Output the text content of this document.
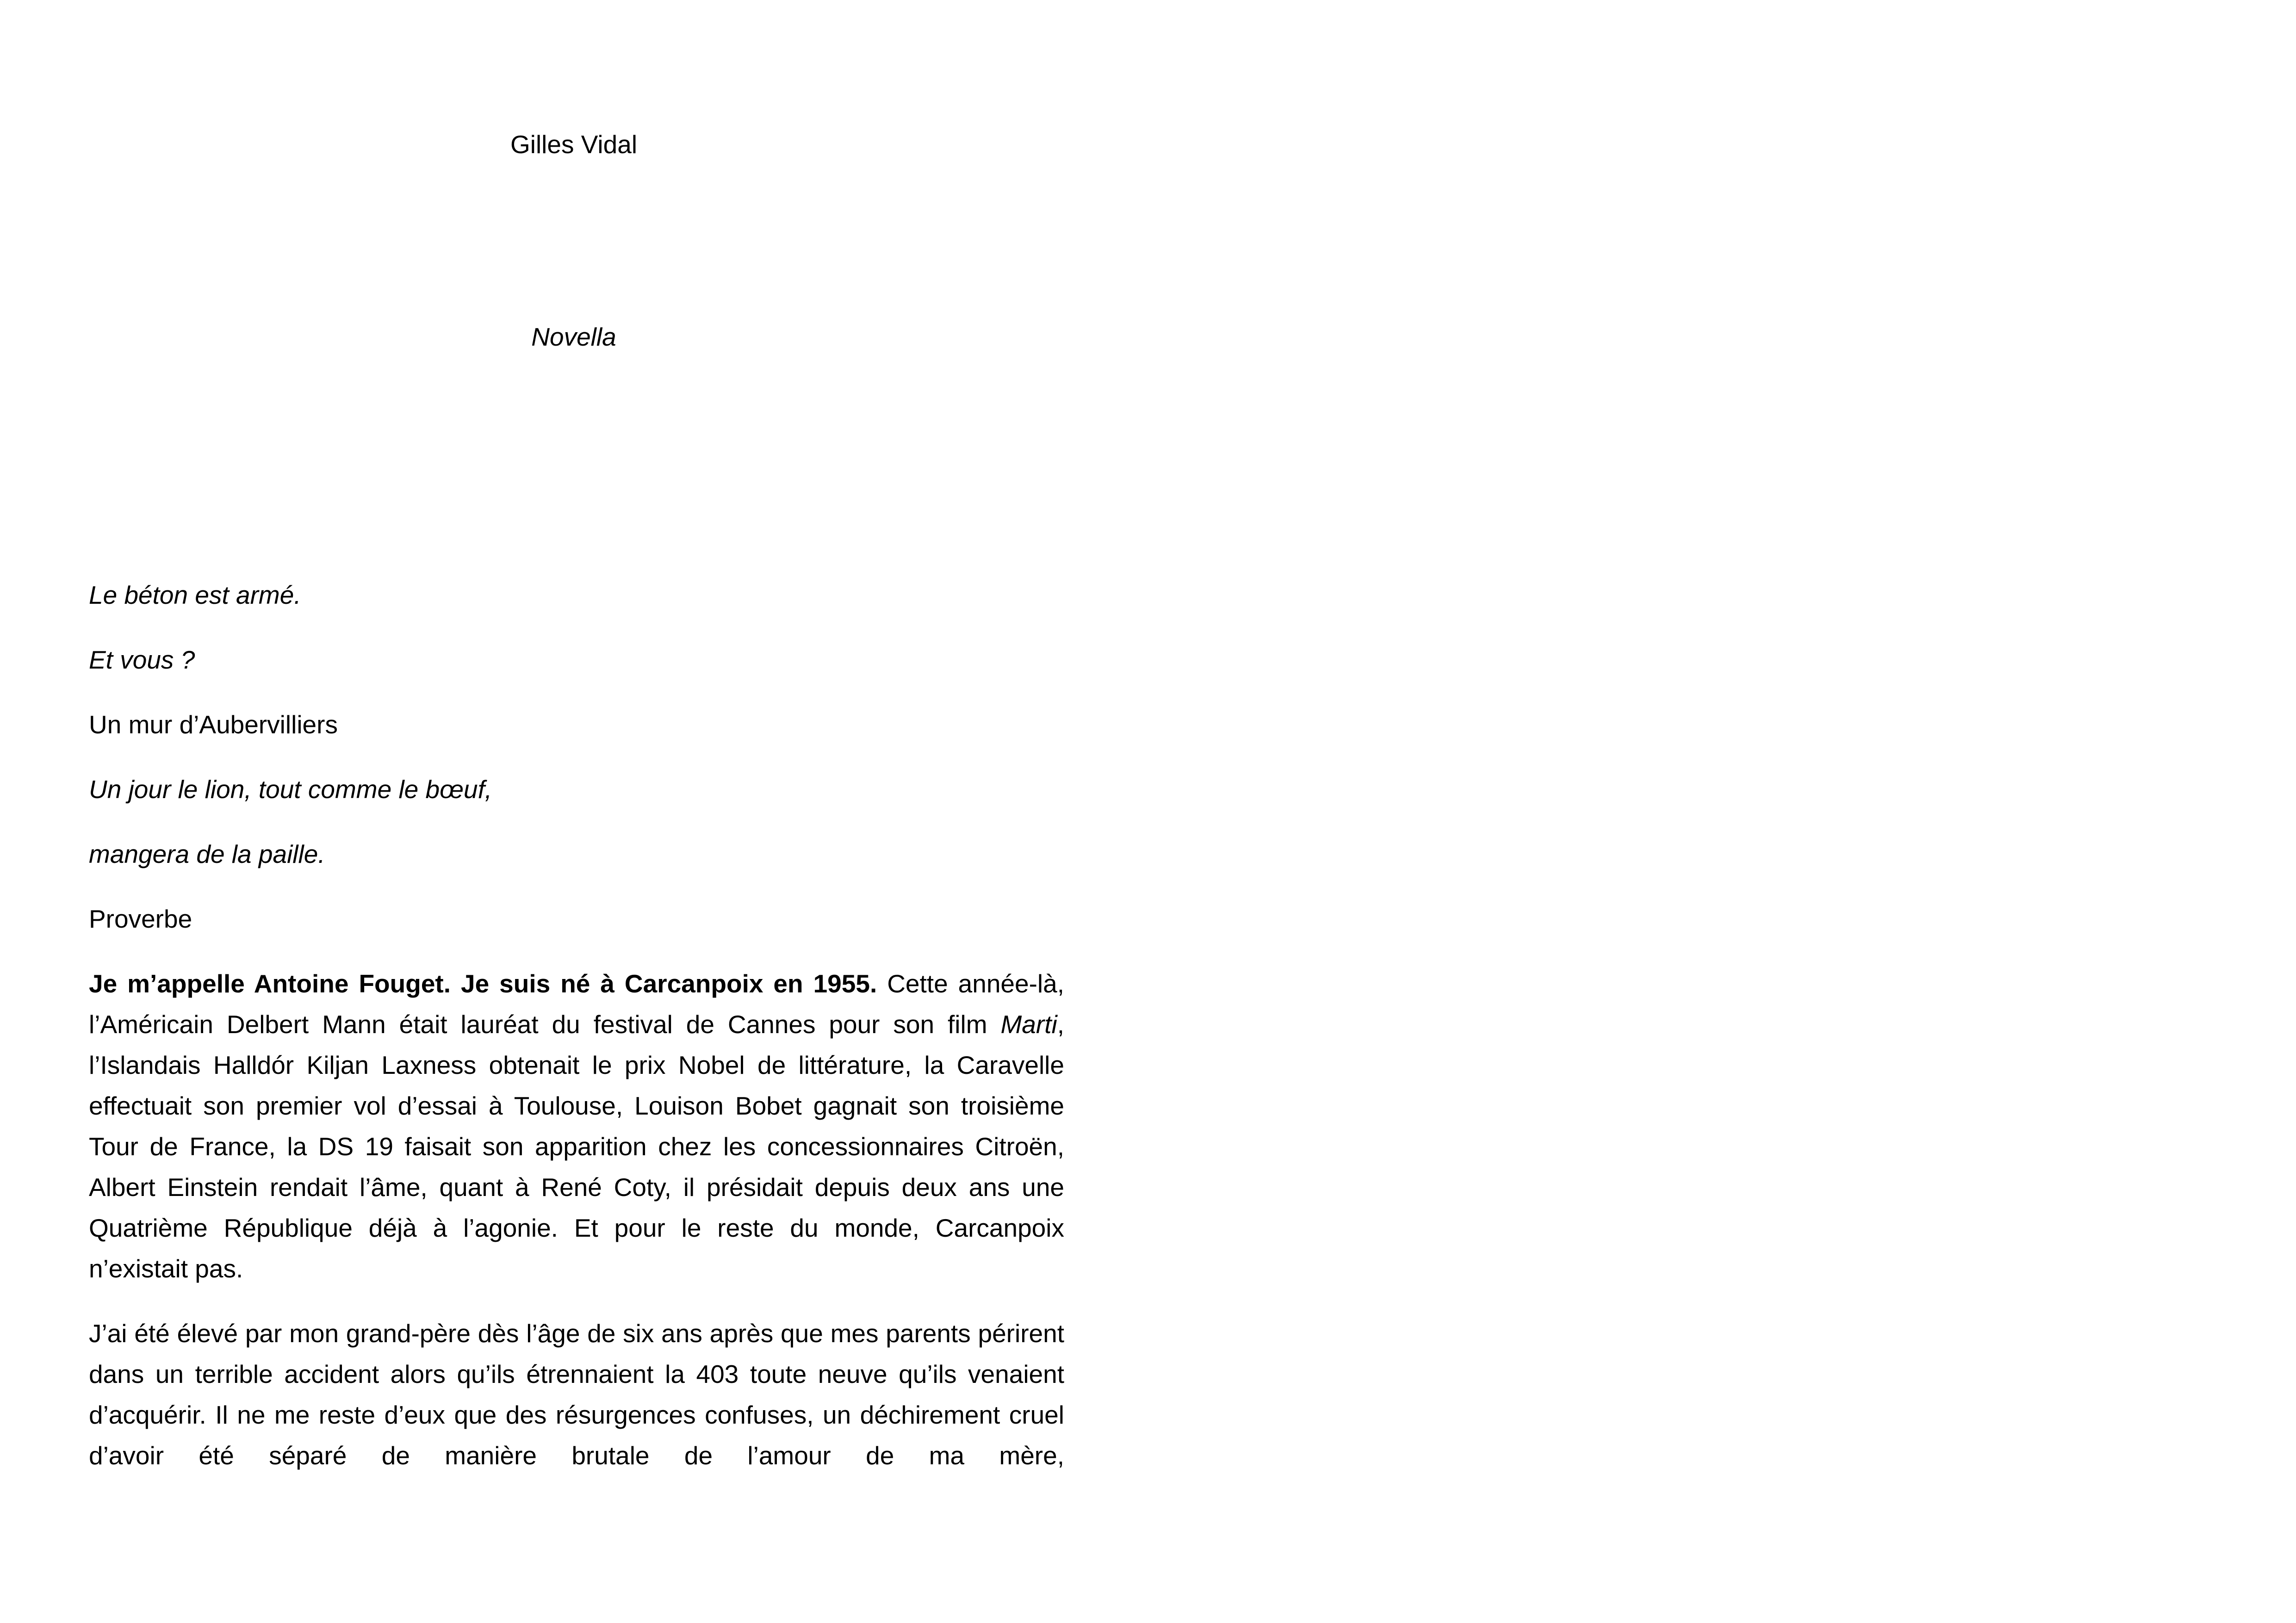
Gilles Vidal

Novella

Le béton est armé.

Et vous ?

Un mur d’Aubervilliers

Un jour le lion, tout comme le bœuf,

mangera de la paille.

Proverbe

Je m’appelle Antoine Fouget. Je suis né à Carcanpoix en 1955. Cette année-là, l’Américain Delbert Mann était lauréat du festival de Cannes pour son film Marti, l’Islandais Halldór Kiljan Laxness obtenait le prix Nobel de littérature, la Caravelle effectuait son premier vol d’essai à Toulouse, Louison Bobet gagnait son troisième Tour de France, la DS 19 faisait son apparition chez les concessionnaires Citroën, Albert Einstein rendait l’âme, quant à René Coty, il présidait depuis deux ans une Quatrième République déjà à l’agonie. Et pour le reste du monde, Carcanpoix n’existait pas.

J’ai été élevé par mon grand-père dès l’âge de six ans après que mes parents périrent dans un terrible accident alors qu’ils étrennaient la 403 toute neuve qu’ils venaient d’acquérir. Il ne me reste d’eux que des résurgences confuses, un déchirement cruel d’avoir été séparé de manière brutale de l’amour de ma mère,
